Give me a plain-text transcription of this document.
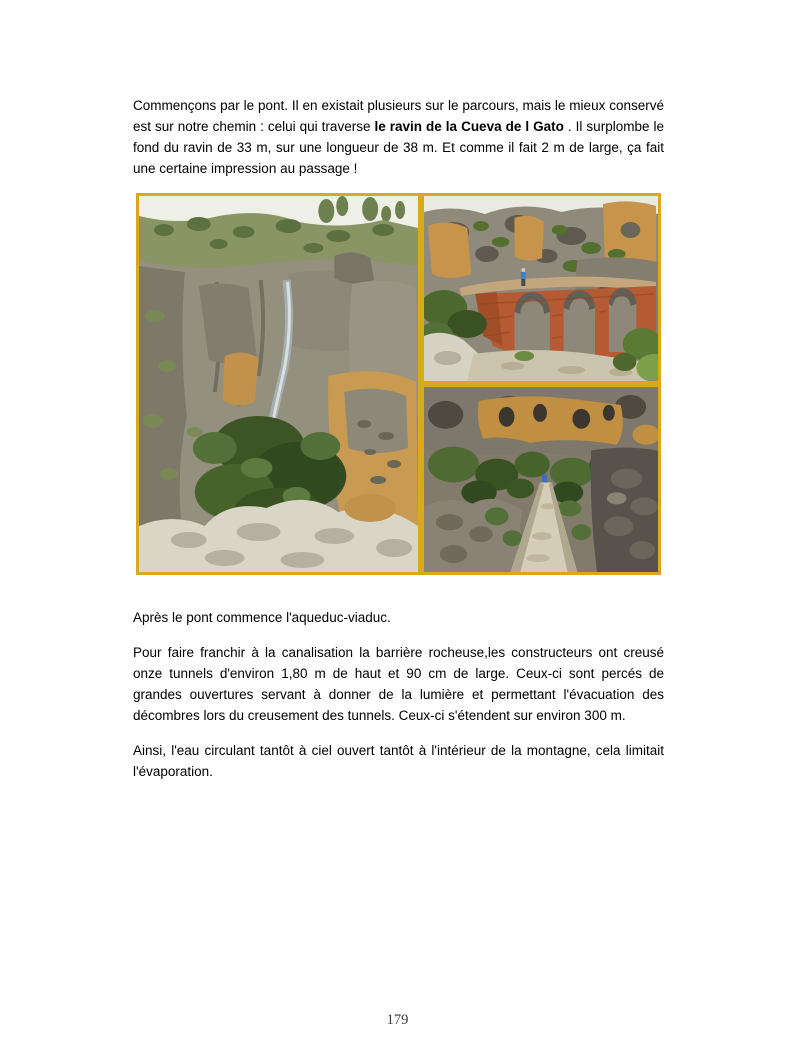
Commençons par le pont. Il en existait plusieurs sur le parcours, mais le mieux conservé est sur notre chemin : celui qui traverse le ravin de la Cueva de l Gato . Il surplombe le fond du ravin de 33 m, sur une longueur de 38 m. Et comme il fait 2 m de large, ça fait une certaine impression au passage !

Après le pont commence l'aqueduc-viaduc.

Pour faire franchir à la canalisation la barrière rocheuse,les constructeurs ont creusé onze tunnels d'environ 1,80 m de haut et 90 cm de large. Ceux-ci sont percés de grandes ouvertures servant à donner de la lumière et permettant l'évacuation des décombres lors du creusement des tunnels. Ceux-ci s'étendent sur environ 300 m.

Ainsi, l'eau circulant tantôt à ciel ouvert tantôt à l'intérieur de la montagne, cela limitait l'évaporation.

179
